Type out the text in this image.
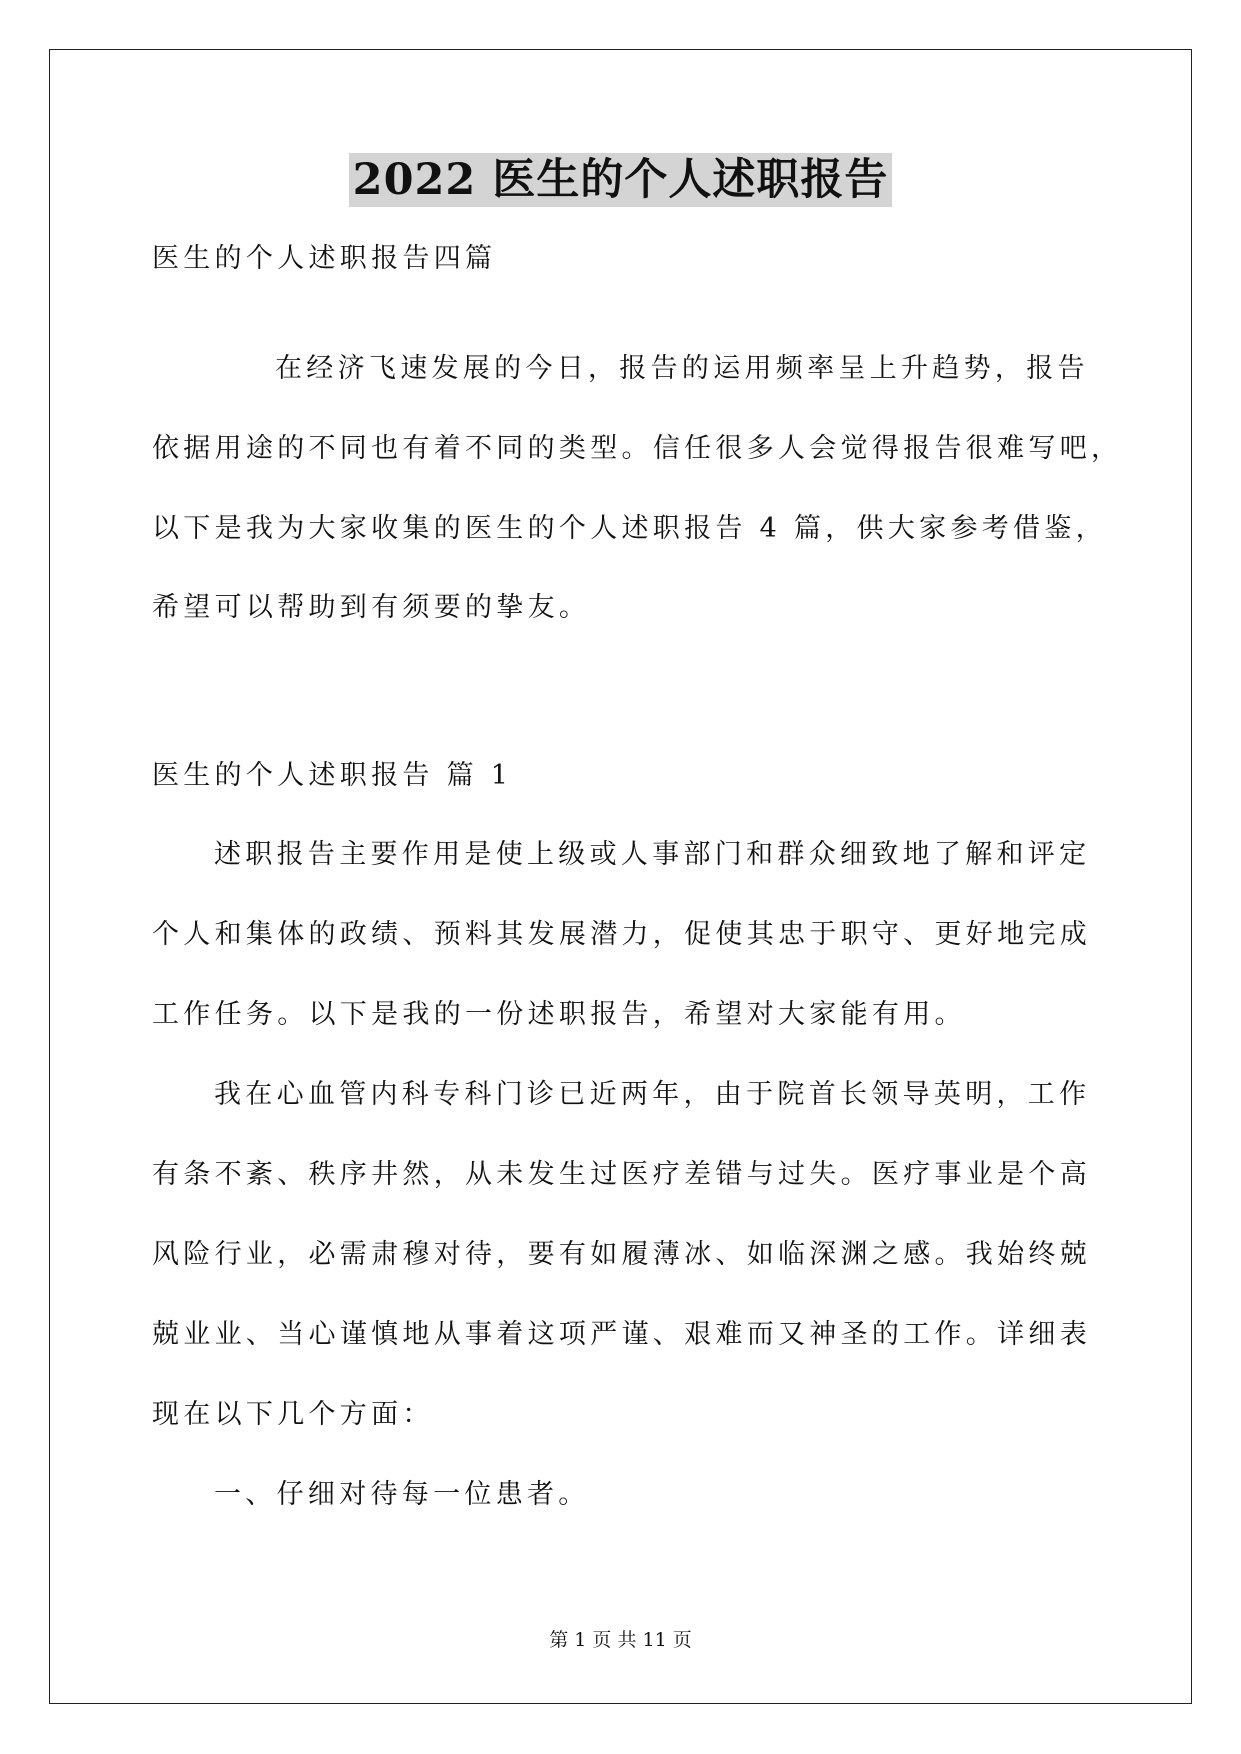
2022 医生的个人述职报告
医生的个人述职报告四篇
在经济飞速发展的今日，报告的运用频率呈上升趋势，报告
依据用途的不同也有着不同的类型。信任很多人会觉得报告很难写吧，
以下是我为大家收集的医生的个人述职报告 4 篇，供大家参考借鉴，
希望可以帮助到有须要的挚友。
医生的个人述职报告 篇 1
述职报告主要作用是使上级或人事部门和群众细致地了解和评定
个人和集体的政绩、预料其发展潜力，促使其忠于职守、更好地完成
工作任务。以下是我的一份述职报告，希望对大家能有用。
我在心血管内科专科门诊已近两年，由于院首长领导英明，工作
有条不紊、秩序井然，从未发生过医疗差错与过失。医疗事业是个高
风险行业，必需肃穆对待，要有如履薄冰、如临深渊之感。我始终兢
兢业业、当心谨慎地从事着这项严谨、艰难而又神圣的工作。详细表
现在以下几个方面：
一、仔细对待每一位患者。
第 1 页 共 11 页
